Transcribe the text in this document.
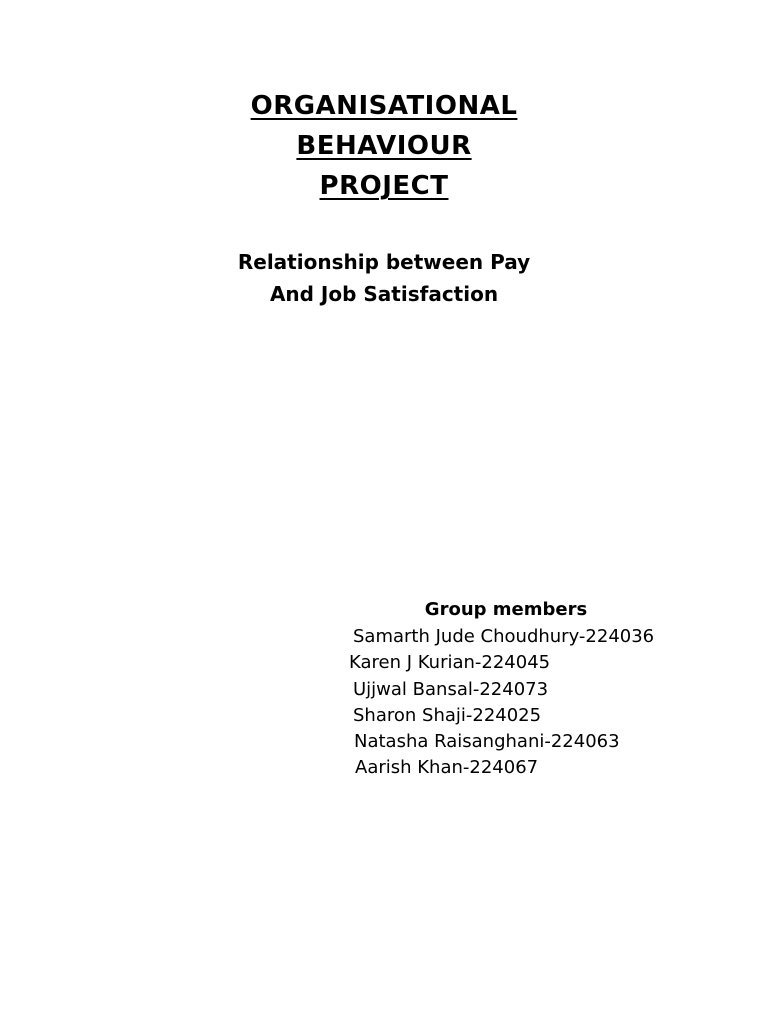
ORGANISATIONAL
BEHAVIOUR
PROJECT
Relationship between Pay
And Job Satisfaction
Group members
Samarth Jude Choudhury-224036
Karen J Kurian-224045
Ujjwal Bansal-224073
Sharon Shaji-224025
Natasha Raisanghani-224063
Aarish Khan-224067
